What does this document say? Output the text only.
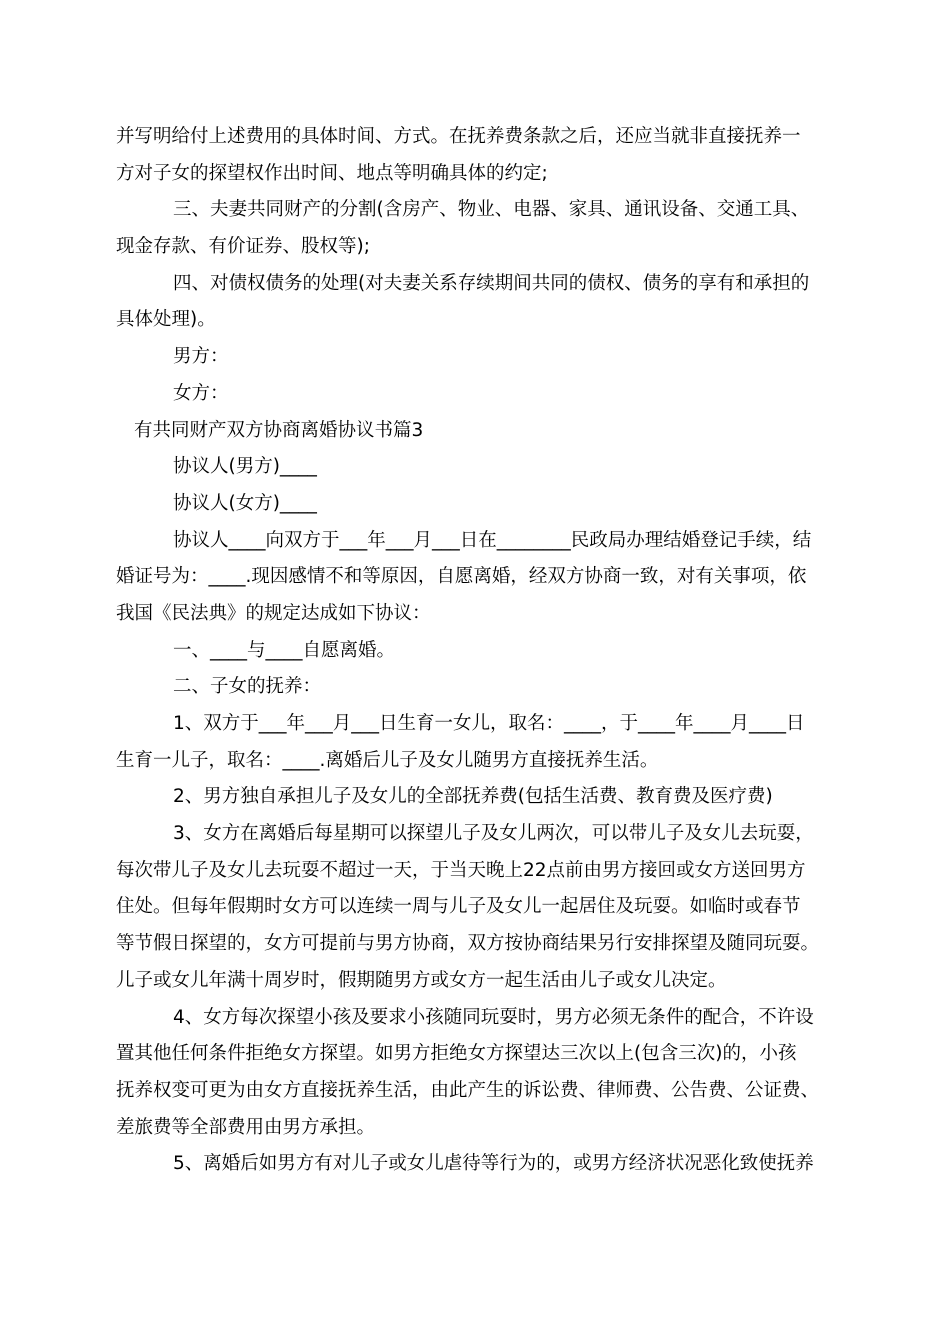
并写明给付上述费用的具体时间、方式。在抚养费条款之后，还应当就非直接抚养一
方对子女的探望权作出时间、地点等明确具体的约定;
三、夫妻共同财产的分割(含房产、物业、电器、家具、通讯设备、交通工具、
现金存款、有价证券、股权等);
四、对债权债务的处理(对夫妻关系存续期间共同的债权、债务的享有和承担的
具体处理)。
男方：
女方：
有共同财产双方协商离婚协议书篇3
协议人(男方)____
协议人(女方)____
协议人____向双方于___年___月___日在________民政局办理结婚登记手续，结
婚证号为：____.现因感情不和等原因，自愿离婚，经双方协商一致，对有关事项，依
我国《民法典》的规定达成如下协议：
一、____与____自愿离婚。
二、子女的抚养：
1、双方于___年___月___日生育一女儿，取名：____，于____年____月____日
生育一儿子，取名：____.离婚后儿子及女儿随男方直接抚养生活。
2、男方独自承担儿子及女儿的全部抚养费(包括生活费、教育费及医疗费)
3、女方在离婚后每星期可以探望儿子及女儿两次，可以带儿子及女儿去玩耍，
每次带儿子及女儿去玩耍不超过一天，于当天晚上22点前由男方接回或女方送回男方
住处。但每年假期时女方可以连续一周与儿子及女儿一起居住及玩耍。如临时或春节
等节假日探望的，女方可提前与男方协商，双方按协商结果另行安排探望及随同玩耍。
儿子或女儿年满十周岁时，假期随男方或女方一起生活由儿子或女儿决定。
4、女方每次探望小孩及要求小孩随同玩耍时，男方必须无条件的配合，不许设
置其他任何条件拒绝女方探望。如男方拒绝女方探望达三次以上(包含三次)的，小孩
抚养权变可更为由女方直接抚养生活，由此产生的诉讼费、律师费、公告费、公证费、
差旅费等全部费用由男方承担。
5、离婚后如男方有对儿子或女儿虐待等行为的，或男方经济状况恶化致使抚养
